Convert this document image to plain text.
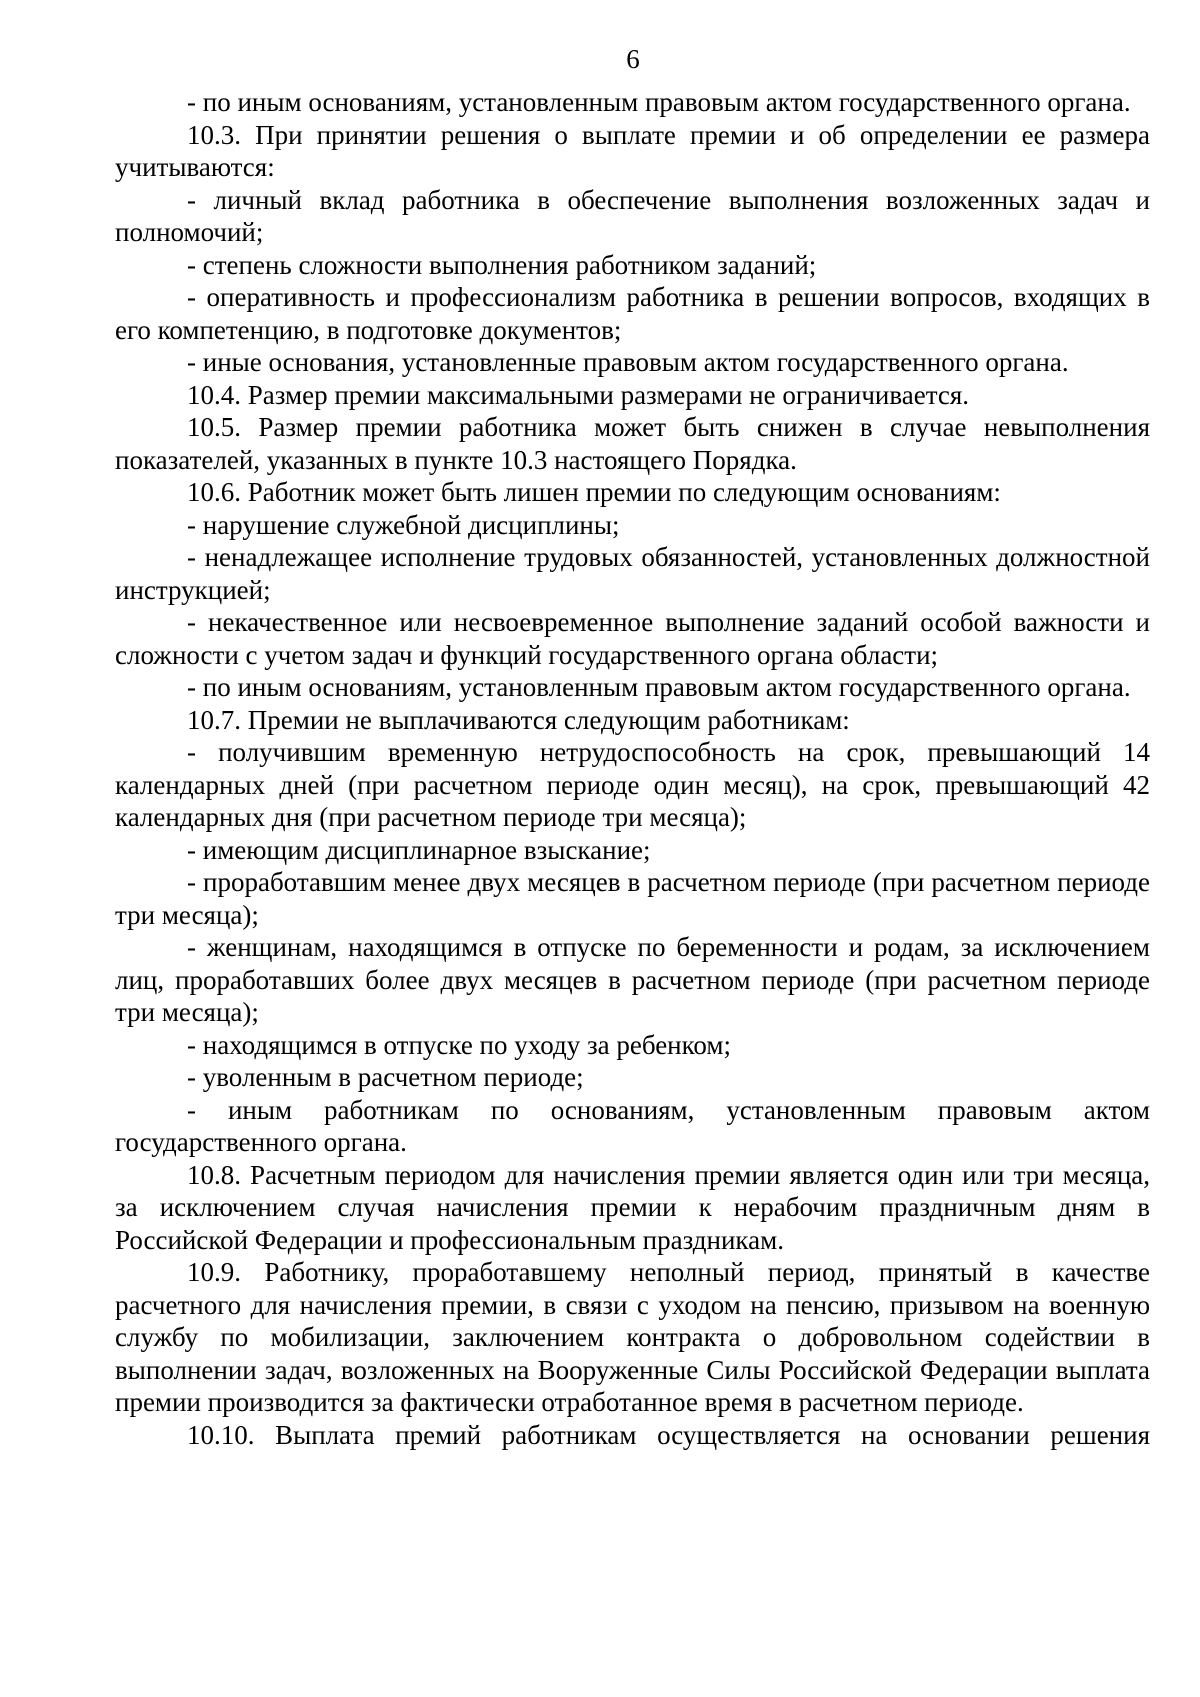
6

- по иным основаниям, установленным правовым актом государственного органа.

10.3. При принятии решения о выплате премии и об определении ее размера учитываются:

- личный вклад работника в обеспечение выполнения возложенных задач и полномочий;

- степень сложности выполнения работником заданий;

- оперативность и профессионализм работника в решении вопросов, входящих в его компетенцию, в подготовке документов;

- иные основания, установленные правовым актом государственного органа.

10.4. Размер премии максимальными размерами не ограничивается.

10.5. Размер премии работника может быть снижен в случае невыполнения показателей, указанных в пункте 10.3 настоящего Порядка.

10.6. Работник может быть лишен премии по следующим основаниям:

- нарушение служебной дисциплины;

- ненадлежащее исполнение трудовых обязанностей, установленных должностной инструкцией;

- некачественное или несвоевременное выполнение заданий особой важности и сложности с учетом задач и функций государственного органа области;

- по иным основаниям, установленным правовым актом государственного органа.

10.7. Премии не выплачиваются следующим работникам:

- получившим временную нетрудоспособность на срок, превышающий 14 календарных дней (при расчетном периоде один месяц), на срок, превышающий 42 календарных дня (при расчетном периоде три месяца);

- имеющим дисциплинарное взыскание;

- проработавшим менее двух месяцев в расчетном периоде (при расчетном периоде три месяца);

- женщинам, находящимся в отпуске по беременности и родам, за исключением лиц, проработавших более двух месяцев в расчетном периоде (при расчетном периоде три месяца);

- находящимся в отпуске по уходу за ребенком;

- уволенным в расчетном периоде;

- иным работникам по основаниям, установленным правовым актом государственного органа.

10.8. Расчетным периодом для начисления премии является один или три месяца, за исключением случая начисления премии к нерабочим праздничным дням в Российской Федерации и профессиональным праздникам.

10.9. Работнику, проработавшему неполный период, принятый в качестве расчетного для начисления премии, в связи с уходом на пенсию, призывом на военную службу по мобилизации, заключением контракта о добровольном содействии в выполнении задач, возложенных на Вооруженные Силы Российской Федерации выплата премии производится за фактически отработанное время в расчетном периоде.

10.10. Выплата премий работникам осуществляется на основании решения
